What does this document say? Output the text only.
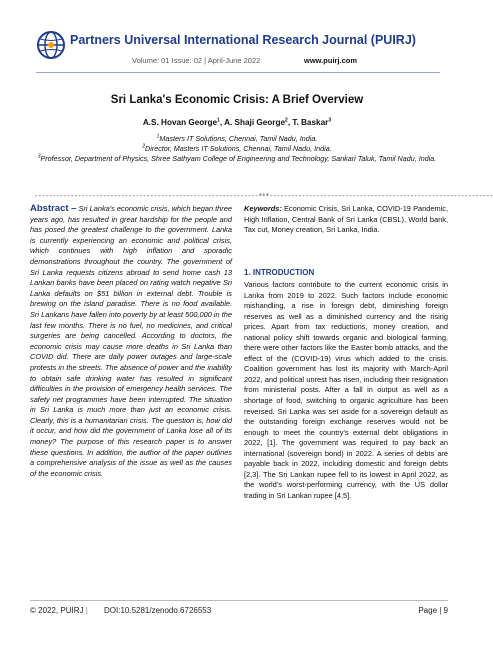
Partners Universal International Research Journal (PUIRJ)
Volume: 01 Issue: 02 | April-June 2022	www.puirj.com
Sri Lanka's Economic Crisis: A Brief Overview
A.S. Hovan George$^1$, A. Shaji George$^2$, T. Baskar$^3$
$^1$Masters IT Solutions, Chennai, Tamil Nadu, India.
$^2$Director, Masters IT Solutions, Chennai, Tamil Nadu, India.
$^3$Professor, Department of Physics, Shree Sathyam College of Engineering and Technology, Sankari Taluk, Tamil Nadu, India.
--------------------------------------------------------------***--------------------------------------------------------------
Abstract – Sri Lanka's economic crisis, which began three years ago, has resulted in great hardship for the people and has posed the greatest challenge to the government. Lanka is currently experiencing an economic and political crisis, which continues with high inflation and sporadic demonstrations throughout the country. The government of Sri Lanka requests citizens abroad to send home cash 13 Lankan banks have been placed on rating watch negative Sri Lanka defaults on $51 billion in external debt. Trouble is brewing on the island paradise. There is no food available. Sri Lankans have fallen into poverty by at least 500,000 in the last few months. There is no fuel, no medicines, and critical surgeries are being cancelled. According to doctors, the economic crisis may cause more deaths in Sri Lanka than COVID did. There are daily power outages and large-scale protests in the streets. The absence of power and the inability to obtain safe drinking water has resulted in significant difficulties in the provision of emergency health services. The safety net programmes have been interrupted. The situation in Sri Lanka is much more than just an economic crisis. Clearly, this is a humanitarian crisis. The question is, how did it occur, and how did the government of Lanka lose all of its money? The purpose of this research paper is to answer these questions. In addition, the author of the paper outlines a comprehensive analysis of the issue as well as the causes of the economic crisis.
Keywords: Economic Crisis, Sri Lanka, COVID-19 Pandemic, High Inflation, Central Bank of Sri Lanka (CBSL), World bank, Tax cut, Money creation, Sri Lanka, India.
1. INTRODUCTION
Various factors contribute to the current economic crisis in Lanka from 2019 to 2022. Such factors include economic mishandling, a rise in foreign debt, diminishing foreign reserves as well as a diminished currency and the rising prices. Apart from tax reductions, money creation, and national policy shift towards organic and biological farming, there were other factors like the Easter bomb attacks, and the effect of the (COVID-19) virus which added to the crisis. Coalition government has lost its majority with March-April 2022, and political unrest has risen, including their resignation from ministerial posts. After a fall in output as well as a shortage of food, switching to organic agriculture has been reversed. Sri Lanka was set aside for a sovereign default as the outstanding foreign exchange reserves would not be enough to meet the country's external debt obligations in 2022, [1]. The government was required to pay back an international (sovereign bond) in 2022. A series of debts are payable back in 2022, including domestic and foreign debts [2,3]. The Sri Lankan rupee fell to its lowest in April 2022, as the world's worst-performing currency, with the US dollar trading in Sri Lankan rupee [4,5].
© 2022, PUIRJ | DOI:10.5281/zenodo.6726553	Page | 9
